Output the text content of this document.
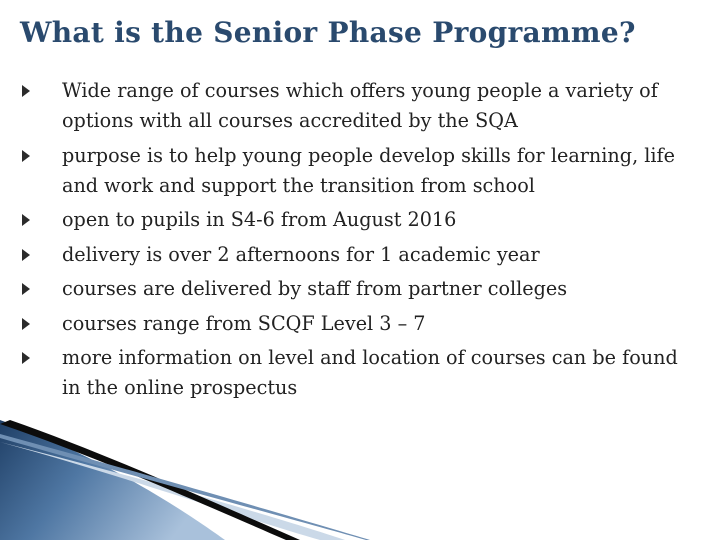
What is the Senior Phase Programme?
Wide range of courses which offers young people a variety of options with all courses accredited by the SQA
purpose is to help young people develop skills for learning, life and work and support the transition from school
open to pupils in S4-6 from August 2016
delivery is over 2 afternoons for 1 academic year
courses are delivered by staff from partner colleges
courses range from SCQF Level 3 – 7
more information on level and location of courses can be found in the online prospectus
